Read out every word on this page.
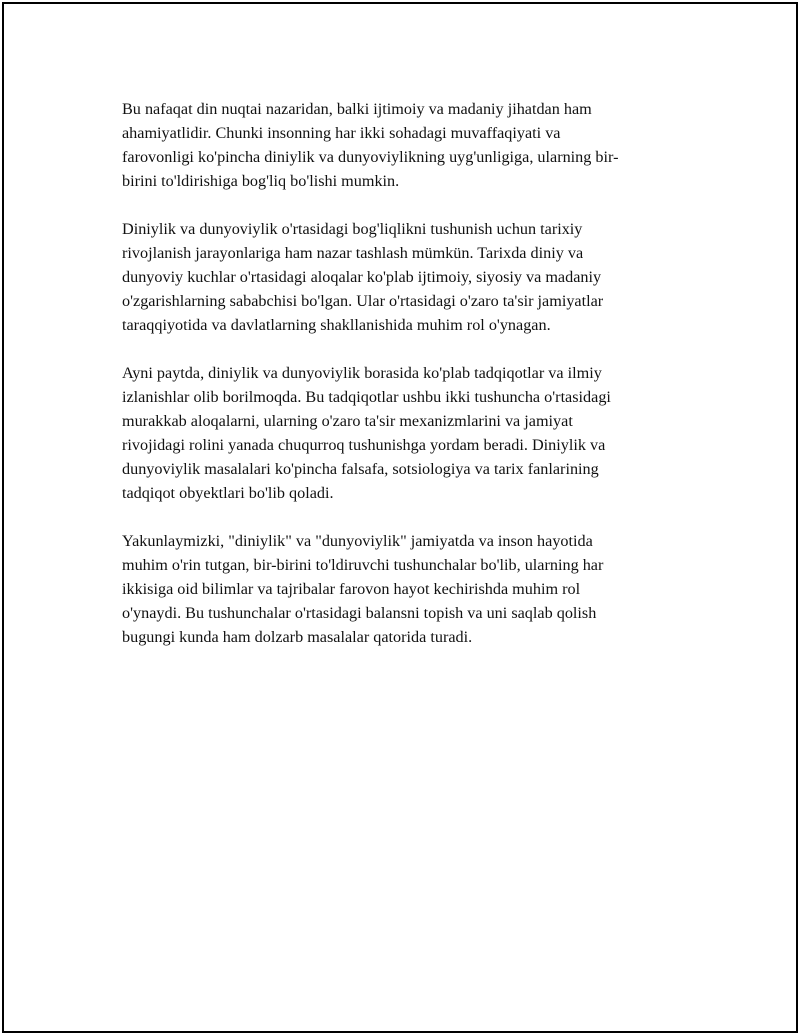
Bu nafaqat din nuqtai nazaridan, balki ijtimoiy va madaniy jihatdan ham
ahamiyatlidir. Chunki insonning har ikki sohadagi muvaffaqiyati va
farovonligi ko'pincha diniylik va dunyoviylikning uyg'unligiga, ularning bir-
birini to'ldirishiga bog'liq bo'lishi mumkin.

Diniylik va dunyoviylik o'rtasidagi bog'liqlikni tushunish uchun tarixiy
rivojlanish jarayonlariga ham nazar tashlash mümkün. Tarixda diniy va
dunyoviy kuchlar o'rtasidagi aloqalar ko'plab ijtimoiy, siyosiy va madaniy
o'zgarishlarning sababchisi bo'lgan. Ular o'rtasidagi o'zaro ta'sir jamiyatlar
taraqqiyotida va davlatlarning shakllanishida muhim rol o'ynagan.

Ayni paytda, diniylik va dunyoviylik borasida ko'plab tadqiqotlar va ilmiy
izlanishlar olib borilmoqda. Bu tadqiqotlar ushbu ikki tushuncha o'rtasidagi
murakkab aloqalarni, ularning o'zaro ta'sir mexanizmlarini va jamiyat
rivojidagi rolini yanada chuqurroq tushunishga yordam beradi. Diniylik va
dunyoviylik masalalari ko'pincha falsafa, sotsiologiya va tarix fanlarining
tadqiqot obyektlari bo'lib qoladi.

Yakunlaymizki, "diniylik" va "dunyoviylik" jamiyatda va inson hayotida
muhim o'rin tutgan, bir-birini to'ldiruvchi tushunchalar bo'lib, ularning har
ikkisiga oid bilimlar va tajribalar farovon hayot kechirishda muhim rol
o'ynaydi. Bu tushunchalar o'rtasidagi balansni topish va uni saqlab qolish
bugungi kunda ham dolzarb masalalar qatorida turadi.
